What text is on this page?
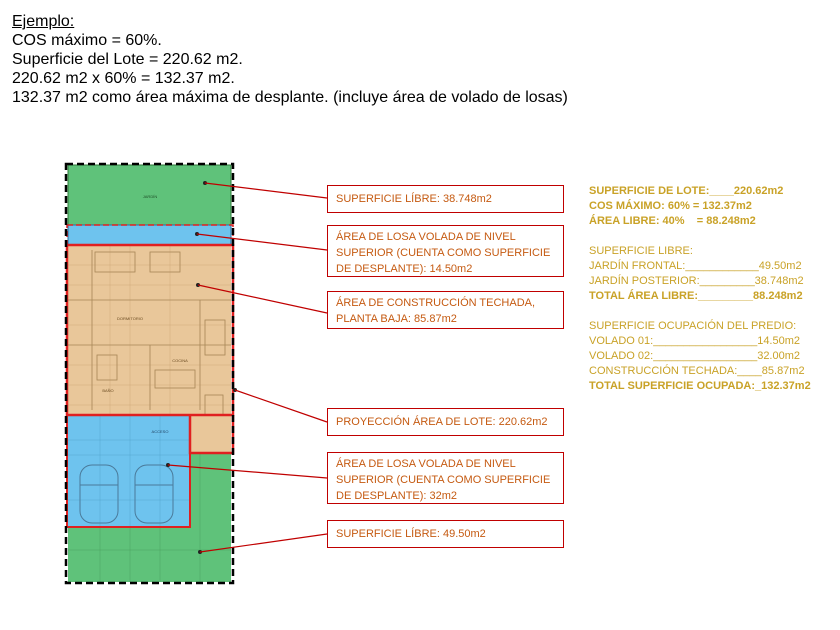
Ejemplo:
COS máximo = 60%.
Superficie del Lote = 220.62 m2.
220.62 m2 x 60% = 132.37 m2.
132.37 m2 como área máxima de desplante. (incluye área de volado de losas)
JARDÍN
ACCESO
COCINA
DORMITORIO
BAÑO
SUPERFICIE LÍBRE: 38.748m2
ÁREA DE LOSA VOLADA DE NIVEL SUPERIOR (CUENTA COMO SUPERFICIE DE DESPLANTE): 14.50m2
ÁREA DE CONSTRUCCIÓN TECHADA, PLANTA BAJA: 85.87m2
PROYECCIÓN ÁREA DE LOTE: 220.62m2
ÁREA DE LOSA VOLADA DE NIVEL SUPERIOR (CUENTA COMO SUPERFICIE DE DESPLANTE): 32m2
SUPERFICIE LÍBRE: 49.50m2
SUPERFICIE DE LOTE:____220.62m2
COS MÁXIMO: 60% = 132.37m2
ÁREA LIBRE: 40%    = 88.248m2
SUPERFICIE LIBRE:
JARDÍN FRONTAL:____________49.50m2
JARDÍN POSTERIOR:_________38.748m2
TOTAL ÁREA LIBRE:_________88.248m2
SUPERFICIE OCUPACIÓN DEL PREDIO:
VOLADO 01:_________________14.50m2
VOLADO 02:_________________32.00m2
CONSTRUCCIÓN TECHADA:____85.87m2
TOTAL SUPERFICIE OCUPADA:_132.37m2
